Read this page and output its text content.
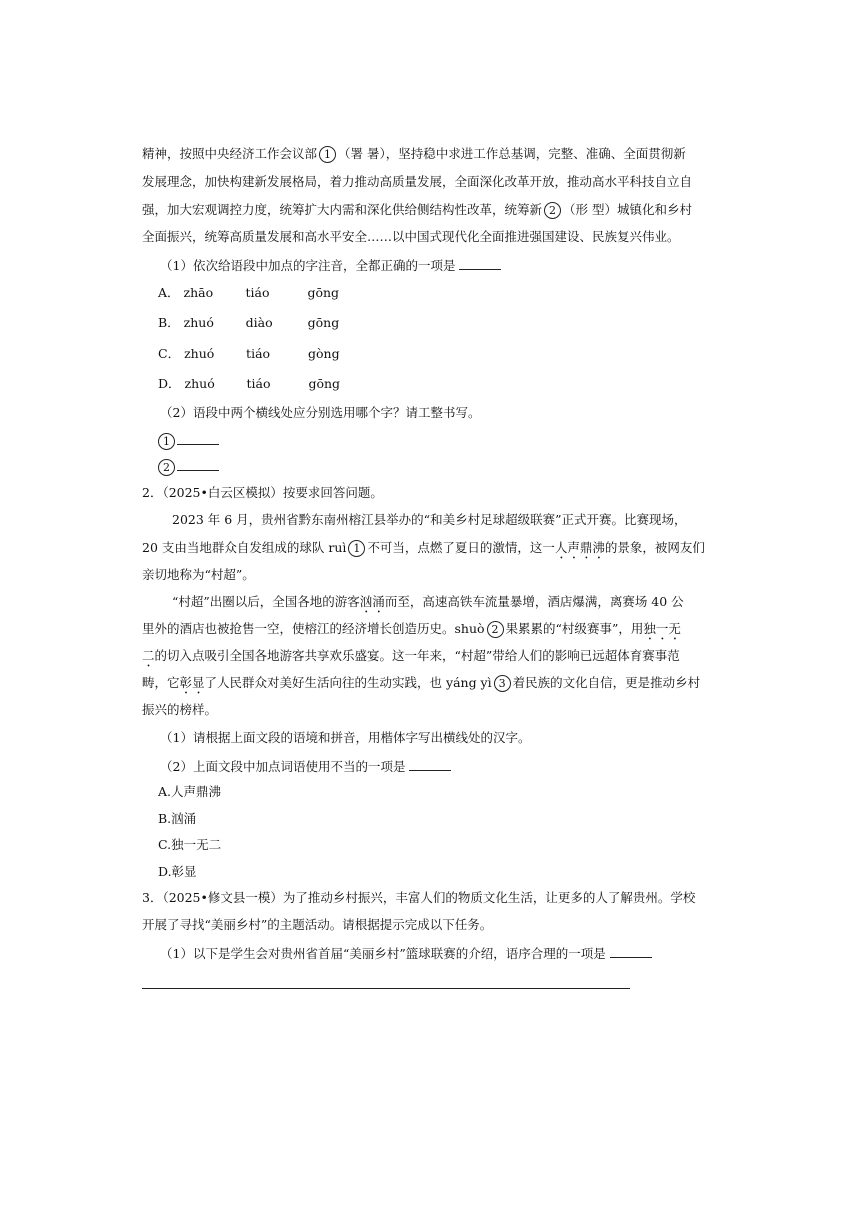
精神，按照中央经济工作会议部 1 （署 暑），坚持稳中求进工作总基调，完整、准确、全面贯彻新
发展理念，加快构建新发展格局，着力推动高质量发展，全面深化改革开放，推动高水平科技自立自
强，加大宏观调控力度，统筹扩大内需和深化供给侧结构性改革，统筹新 2 （形 型）城镇化和乡村
全面振兴，统筹高质量发展和高水平安全……以中国式现代化全面推进强国建设、民族复兴伟业。
（1）依次给语段中加点的字注音，全都正确的一项是
A． zhāo	tiáo	gōng
B． zhuó	diào	gōng
C． zhuó	tiáo	gòng
D． zhuó	tiáo	gōng
（2）语段中两个横线处应分别选用哪个字？请工整书写。
1
2
2．（2025•白云区模拟）按要求回答问题。
2023 年 6 月，贵州省黔东南州榕江县举办的“和美乡村足球超级联赛”正式开赛。比赛现场，
20 支由当地群众自发组成的球队 ruì 1 不可当，点燃了夏日的激情，这一人声鼎沸的景象，被网友们
亲切地称为“村超”。
“村超”出圈以后，全国各地的游客汹涌而至，高速高铁车流量暴增，酒店爆满，离赛场 40 公
里外的酒店也被抢售一空，使榕江的经济增长创造历史。shuò 2 果累累的“村级赛事”，用独一无
二的切入点吸引全国各地游客共享欢乐盛宴。这一年来，“村超”带给人们的影响已远超体育赛事范
畴，它彰显了人民群众对美好生活向往的生动实践，也 yáng yì 3 着民族的文化自信，更是推动乡村
振兴的榜样。
（1）请根据上面文段的语境和拼音，用楷体字写出横线处的汉字。
（2）上面文段中加点词语使用不当的一项是
A.人声鼎沸
B.汹涌
C.独一无二
D.彰显
3．（2025•修文县一模）为了推动乡村振兴，丰富人们的物质文化生活，让更多的人了解贵州。学校
开展了寻找“美丽乡村”的主题活动。请根据提示完成以下任务。
（1）以下是学生会对贵州省首届“美丽乡村”篮球联赛的介绍，语序合理的一项是
